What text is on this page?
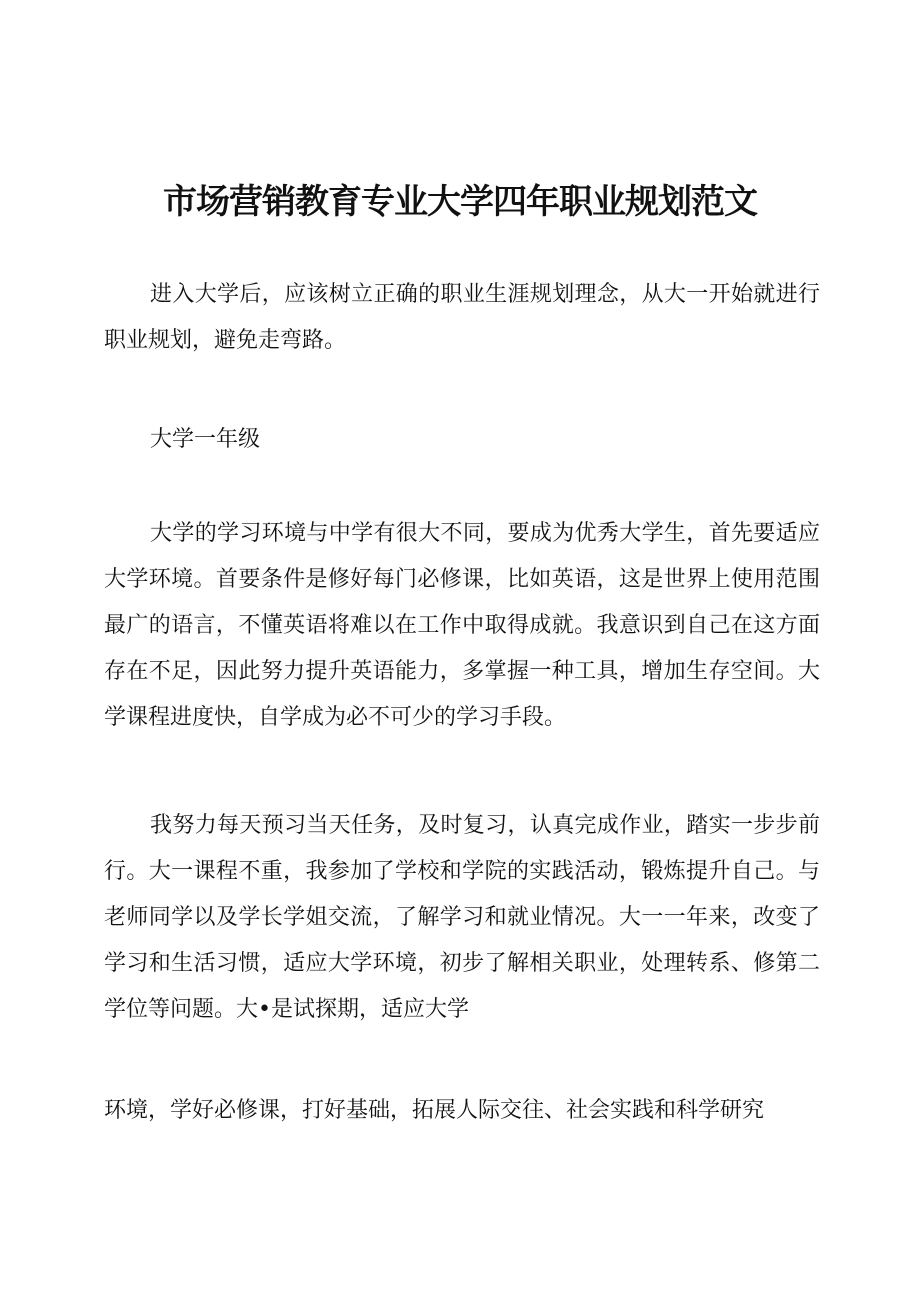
市场营销教育专业大学四年职业规划范文

进入大学后，应该树立正确的职业生涯规划理念，从大一开始就进行职业规划，避免走弯路。

大学一年级

大学的学习环境与中学有很大不同，要成为优秀大学生，首先要适应大学环境。首要条件是修好每门必修课，比如英语，这是世界上使用范围最广的语言，不懂英语将难以在工作中取得成就。我意识到自己在这方面存在不足，因此努力提升英语能力，多掌握一种工具，增加生存空间。大学课程进度快，自学成为必不可少的学习手段。

我努力每天预习当天任务，及时复习，认真完成作业，踏实一步步前行。大一课程不重，我参加了学校和学院的实践活动，锻炼提升自己。与老师同学以及学长学姐交流，了解学习和就业情况。大一一年来，改变了学习和生活习惯，适应大学环境，初步了解相关职业，处理转系、修第二学位等问题。大•是试探期，适应大学

环境，学好必修课，打好基础，拓展人际交往、社会实践和科学研究
